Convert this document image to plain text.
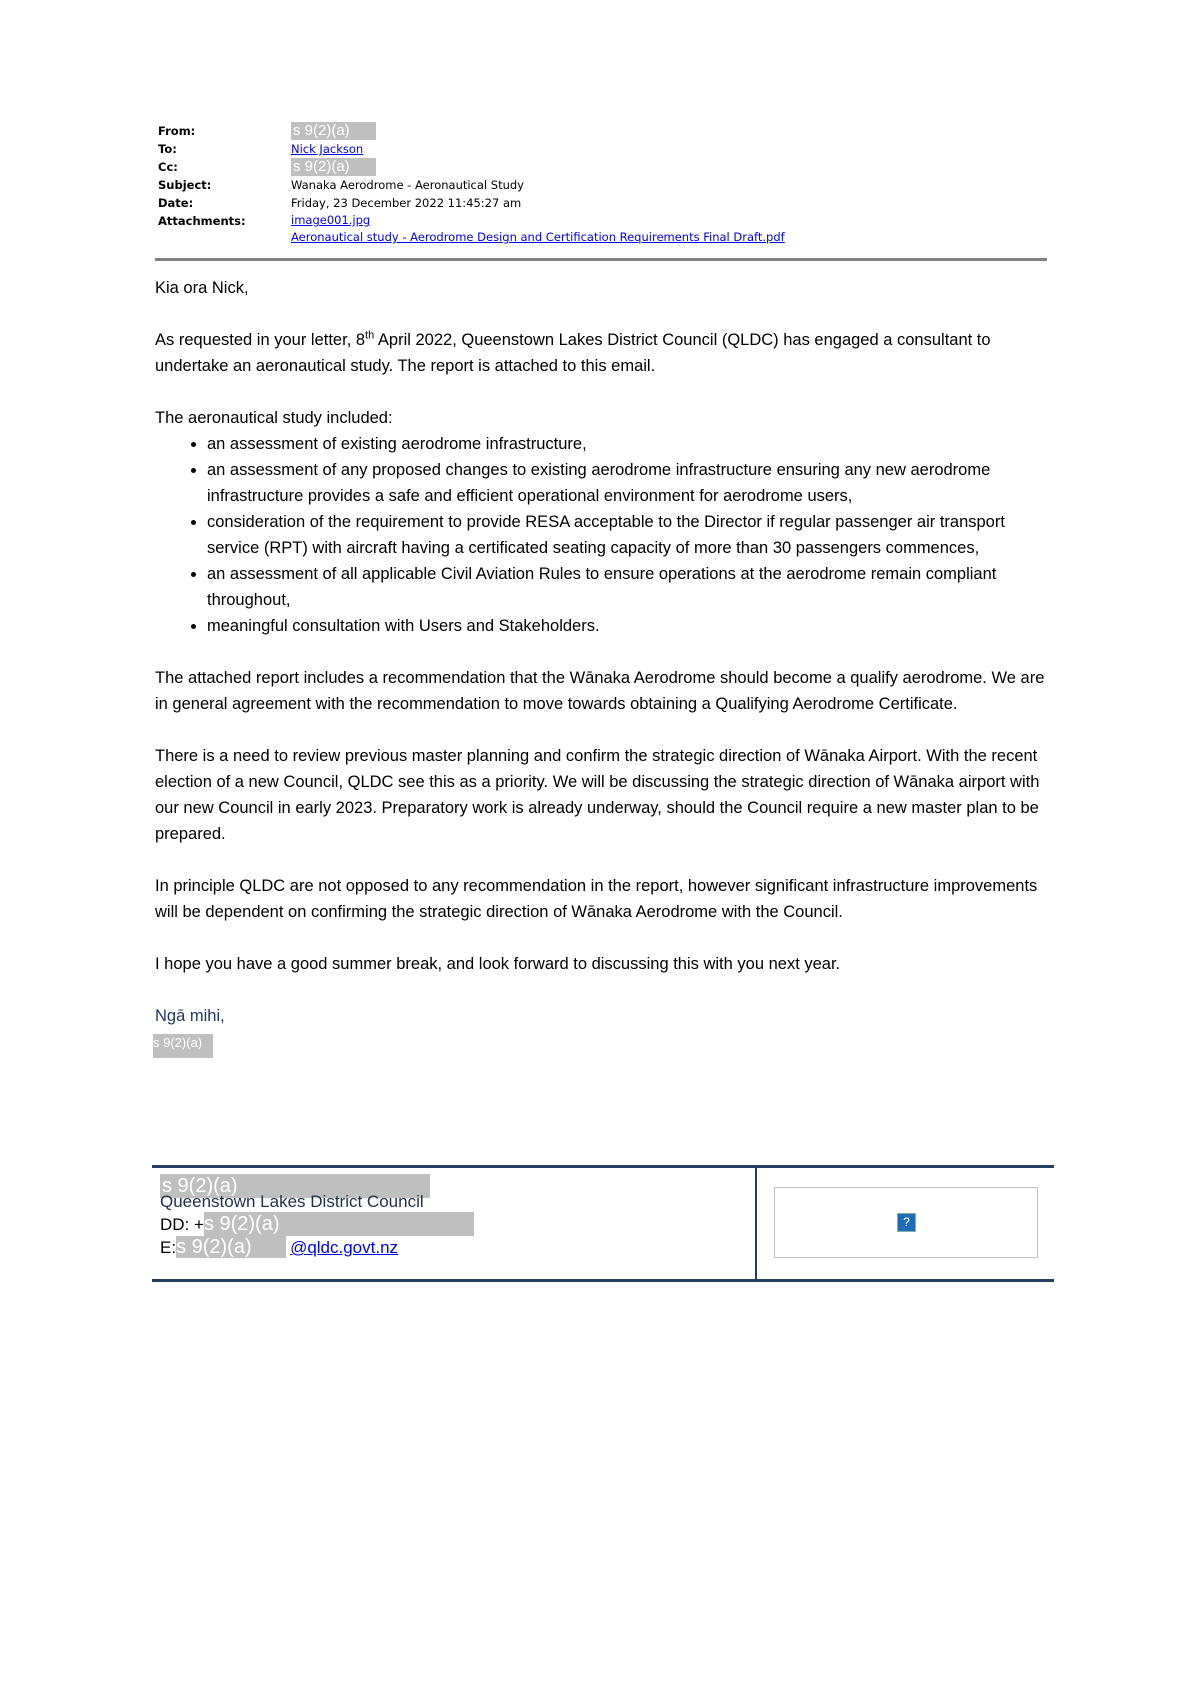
From:	s 9(2)(a)
To:	Nick Jackson
Cc:	s 9(2)(a)
Subject:	Wanaka Aerodrome - Aeronautical Study
Date:	Friday, 23 December 2022 11:45:27 am
Attachments:	image001.jpg
Aeronautical study - Aerodrome Design and Certification Requirements Final Draft.pdf

Kia ora Nick,

As requested in your letter, 8th April 2022, Queenstown Lakes District Council (QLDC) has engaged a consultant to undertake an aeronautical study. The report is attached to this email.

The aeronautical study included:
• an assessment of existing aerodrome infrastructure,
• an assessment of any proposed changes to existing aerodrome infrastructure ensuring any new aerodrome infrastructure provides a safe and efficient operational environment for aerodrome users,
• consideration of the requirement to provide RESA acceptable to the Director if regular passenger air transport service (RPT) with aircraft having a certificated seating capacity of more than 30 passengers commences,
• an assessment of all applicable Civil Aviation Rules to ensure operations at the aerodrome remain compliant throughout,
• meaningful consultation with Users and Stakeholders.

The attached report includes a recommendation that the Wānaka Aerodrome should become a qualify aerodrome. We are in general agreement with the recommendation to move towards obtaining a Qualifying Aerodrome Certificate.

There is a need to review previous master planning and confirm the strategic direction of Wānaka Airport. With the recent election of a new Council, QLDC see this as a priority. We will be discussing the strategic direction of Wānaka airport with our new Council in early 2023. Preparatory work is already underway, should the Council require a new master plan to be prepared.

In principle QLDC are not opposed to any recommendation in the report, however significant infrastructure improvements will be dependent on confirming the strategic direction of Wānaka Aerodrome with the Council.

I hope you have a good summer break, and look forward to discussing this with you next year.

Ngā mihi,
s 9(2)(a)
s 9(2)(a)
Queenstown Lakes District Council
DD: +s 9(2)(a)
E:s 9(2)(a) @qldc.govt.nz
?
